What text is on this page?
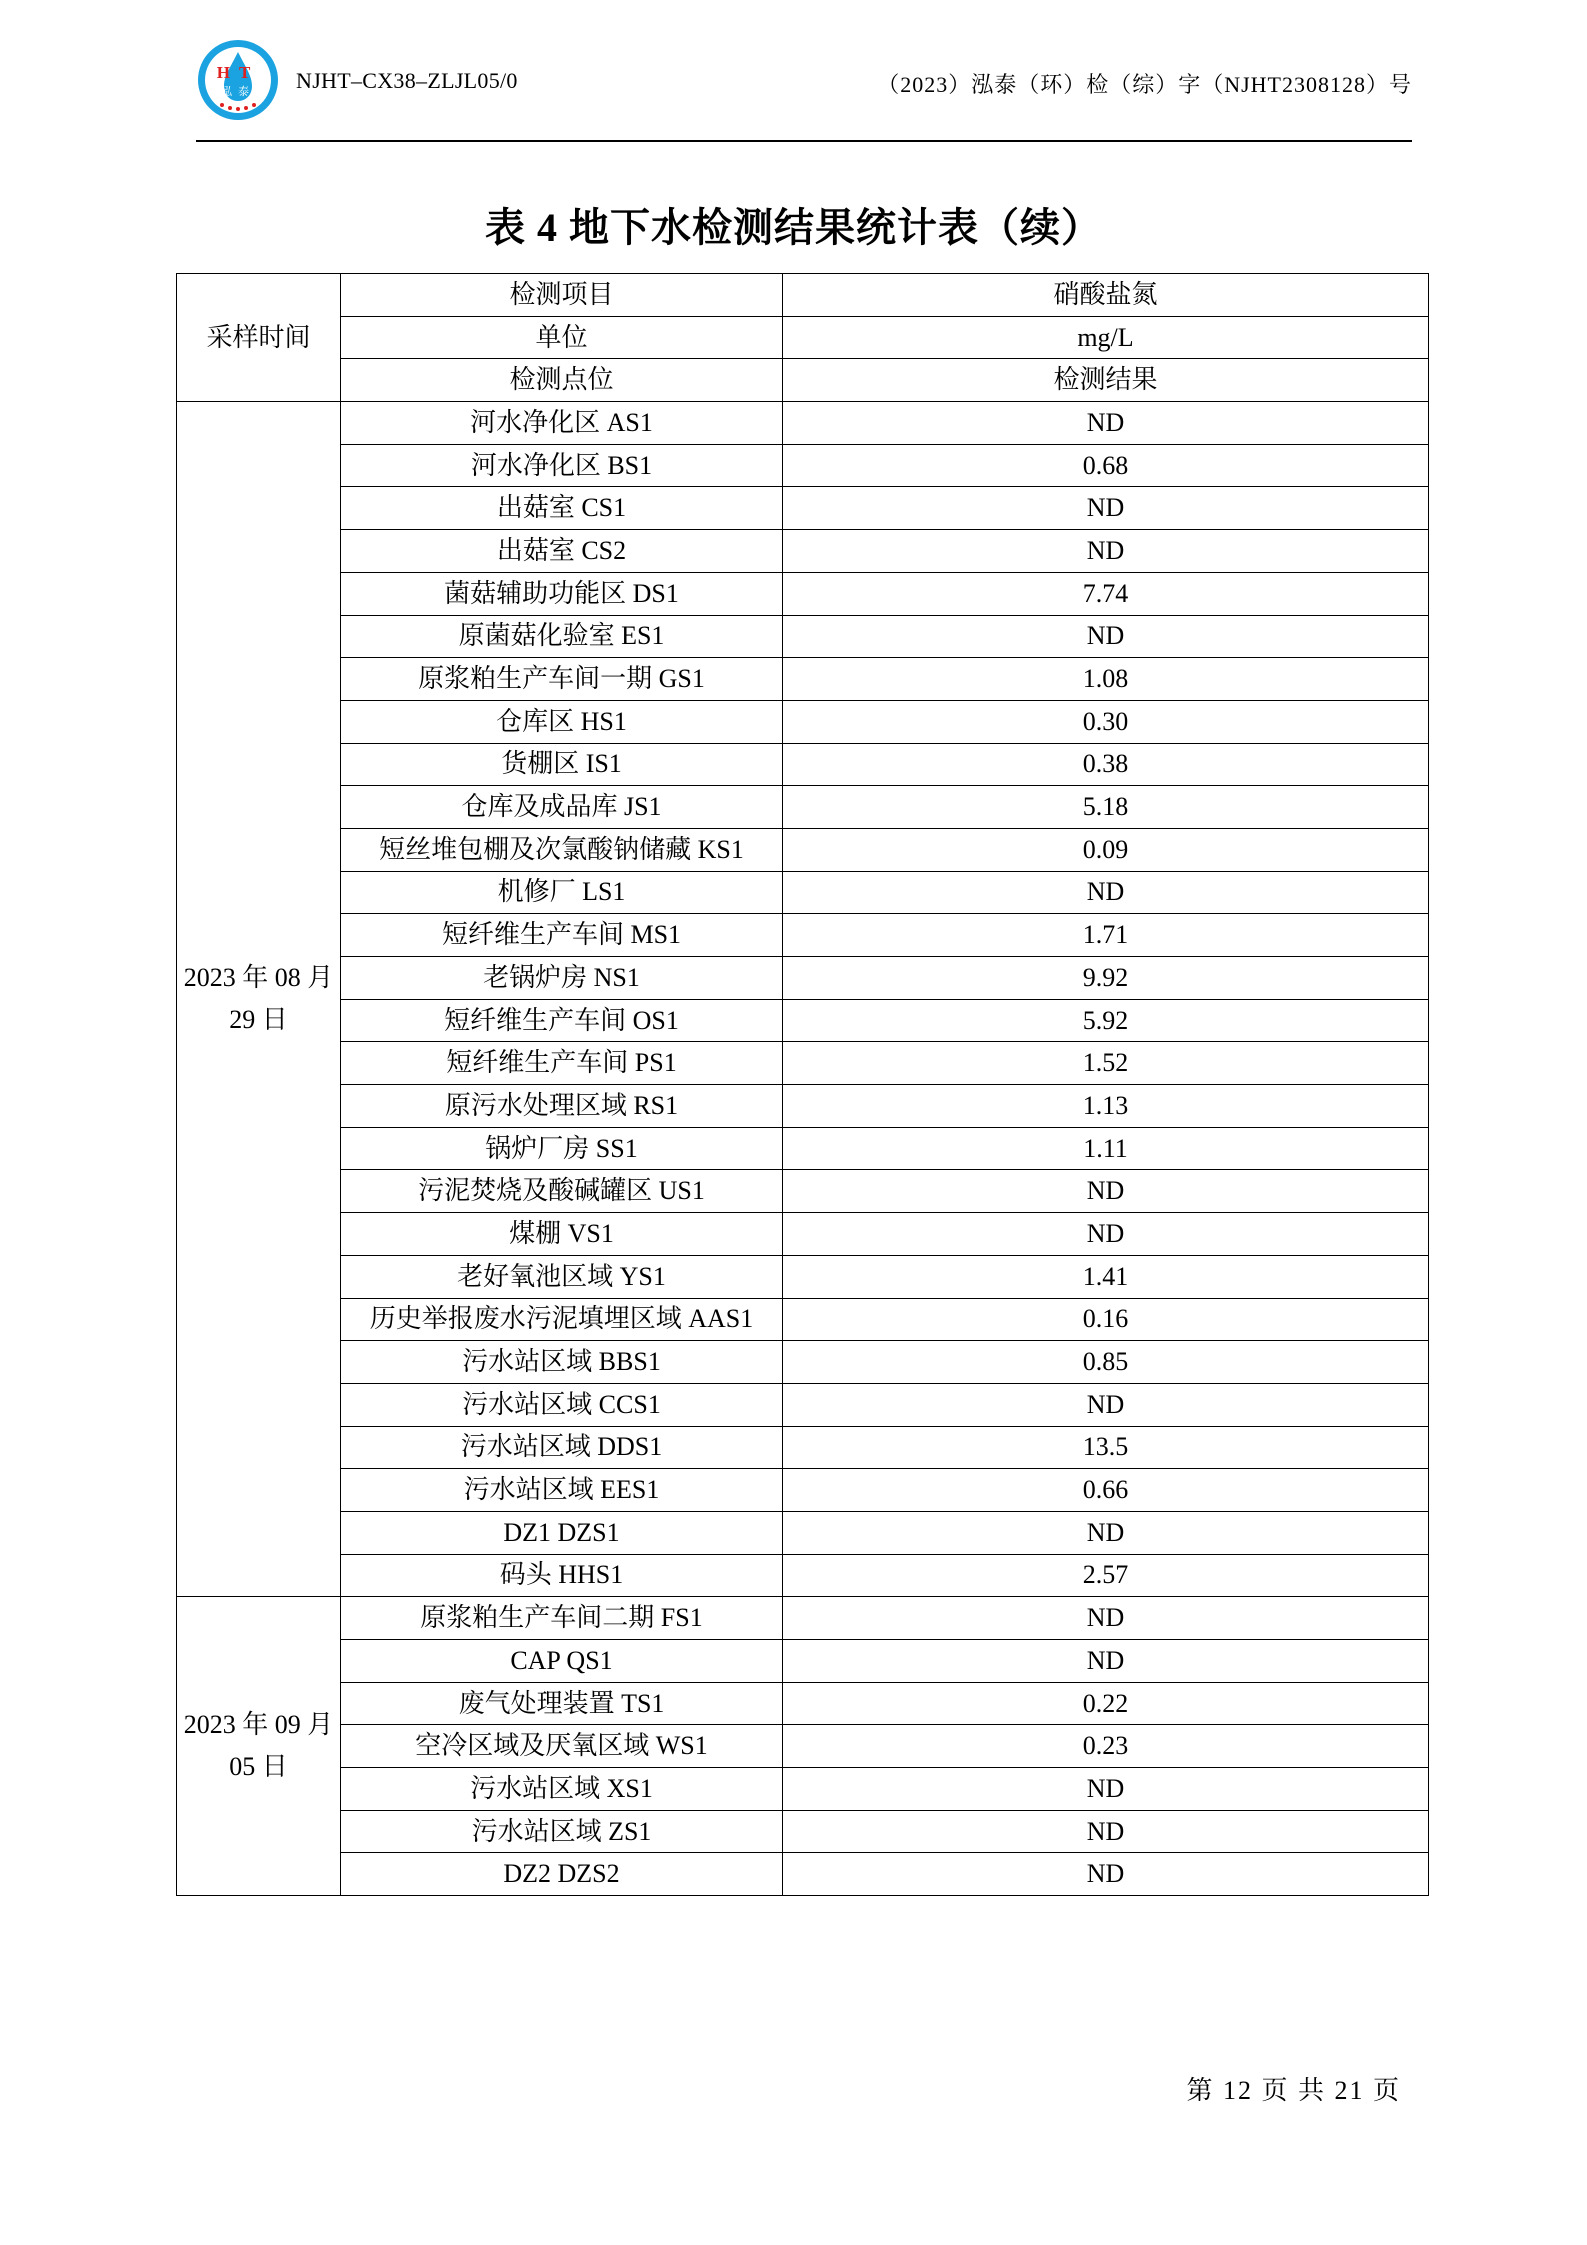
HT
泓泰 NJHT–CX38–ZLJL05/0	（2023）泓泰（环）检（综）字（NJHT2308128）号
表 4 地下水检测结果统计表（续）
采样时间	检测项目	硝酸盐氮
	单位	mg/L
	检测点位	检测结果
2023 年 08 月 29 日	河水净化区 AS1	ND
	河水净化区 BS1	0.68
	出菇室 CS1	ND
	出菇室 CS2	ND
	菌菇辅助功能区 DS1	7.74
	原菌菇化验室 ES1	ND
	原浆粕生产车间一期 GS1	1.08
	仓库区 HS1	0.30
	货棚区 IS1	0.38
	仓库及成品库 JS1	5.18
	短丝堆包棚及次氯酸钠储藏 KS1	0.09
	机修厂 LS1	ND
	短纤维生产车间 MS1	1.71
	老锅炉房 NS1	9.92
	短纤维生产车间 OS1	5.92
	短纤维生产车间 PS1	1.52
	原污水处理区域 RS1	1.13
	锅炉厂房 SS1	1.11
	污泥焚烧及酸碱罐区 US1	ND
	煤棚 VS1	ND
	老好氧池区域 YS1	1.41
	历史举报废水污泥填埋区域 AAS1	0.16
	污水站区域 BBS1	0.85
	污水站区域 CCS1	ND
	污水站区域 DDS1	13.5
	污水站区域 EES1	0.66
	DZ1 DZS1	ND
	码头 HHS1	2.57
2023 年 09 月 05 日	原浆粕生产车间二期 FS1	ND
	CAP QS1	ND
	废气处理装置 TS1	0.22
	空冷区域及厌氧区域 WS1	0.23
	污水站区域 XS1	ND
	污水站区域 ZS1	ND
	DZ2 DZS2	ND
第 12 页 共 21 页
